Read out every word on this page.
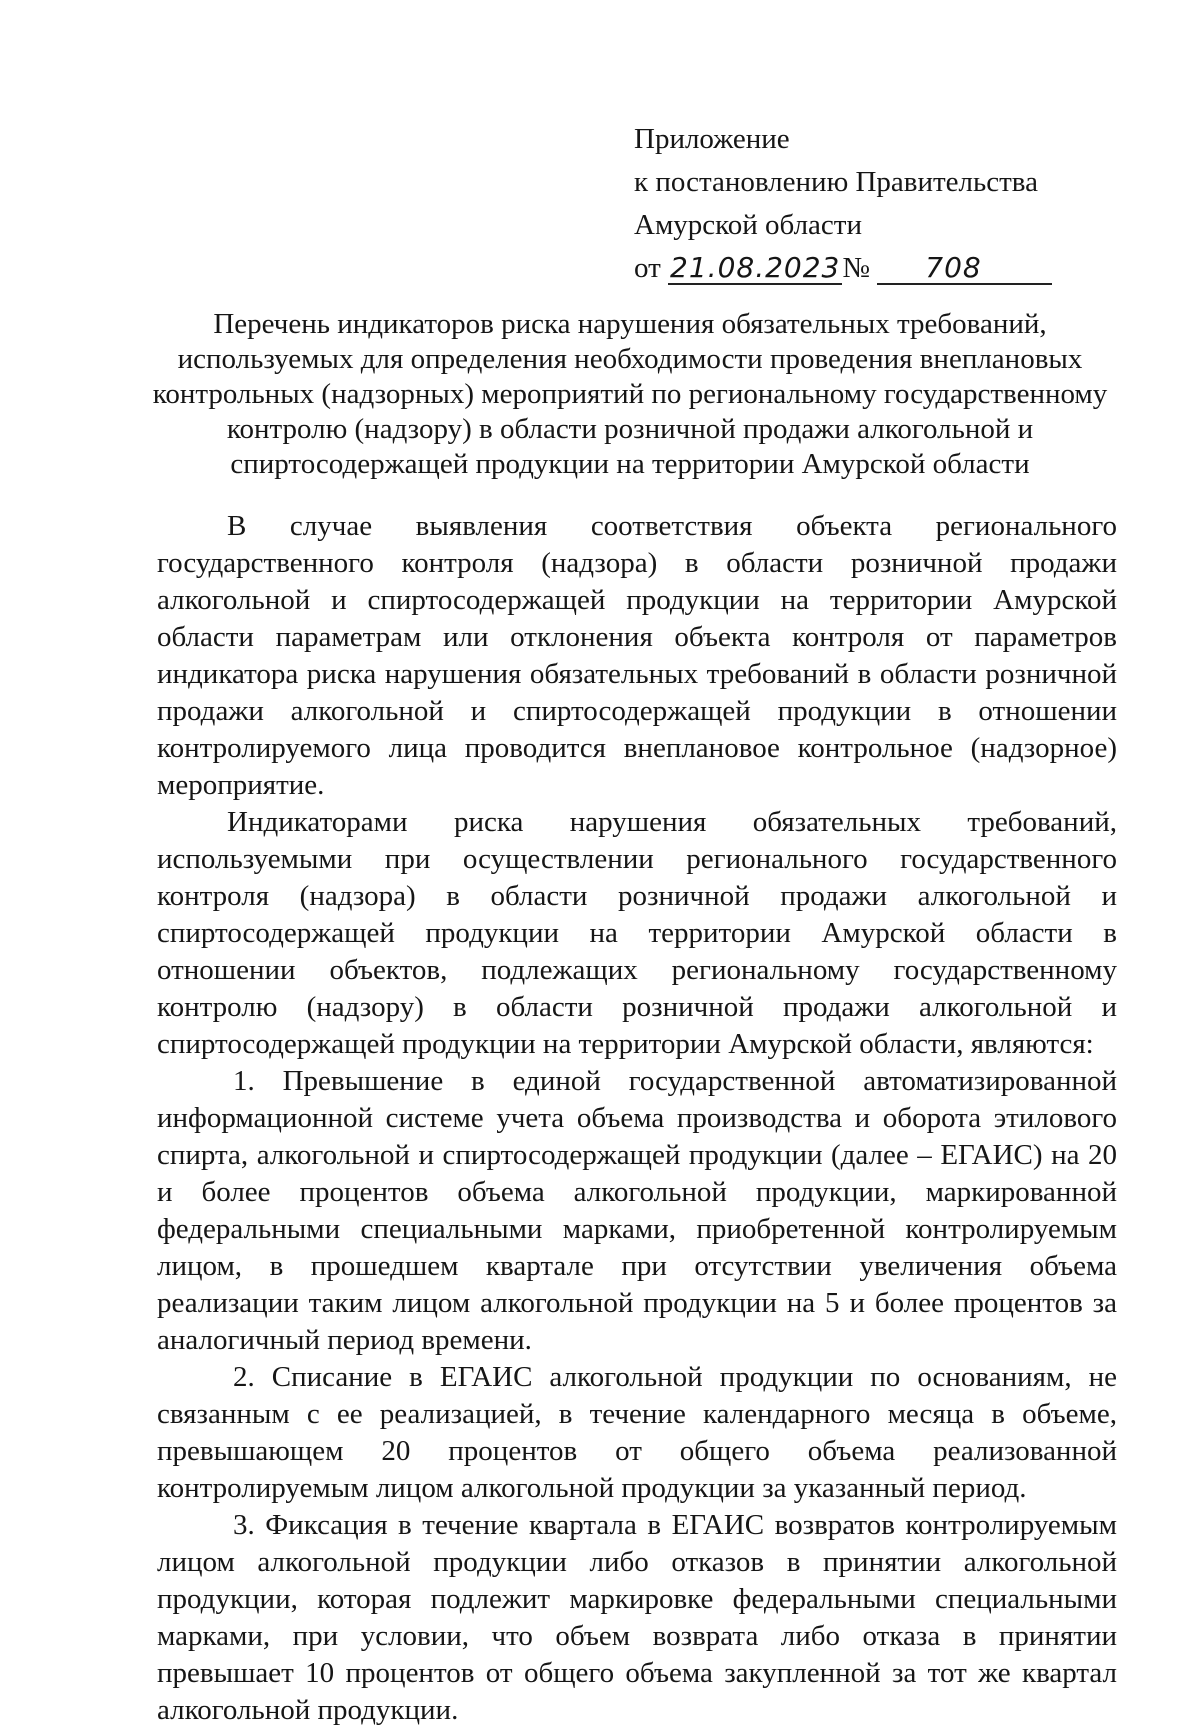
Приложение
к постановлению Правительства
Амурской области
от 21.08.2023№ 708
Перечень индикаторов риска нарушения обязательных требований,
используемых для определения необходимости проведения внеплановых
контрольных (надзорных) мероприятий по региональному государственному
контролю (надзору) в области розничной продажи алкогольной и
спиртосодержащей продукции на территории Амурской области

В случае выявления соответствия объекта регионального государственного контроля (надзора) в области розничной продажи алкогольной и спиртосодержащей продукции на территории Амурской области параметрам или отклонения объекта контроля от параметров индикатора риска нарушения обязательных требований в области розничной продажи алкогольной и спиртосодержащей продукции в отношении контролируемого лица проводится внеплановое контрольное (надзорное) мероприятие.

Индикаторами риска нарушения обязательных требований, используемыми при осуществлении регионального государственного контроля (надзора) в области розничной продажи алкогольной и спиртосодержащей продукции на территории Амурской области в отношении объектов, подлежащих региональному государственному контролю (надзору) в области розничной продажи алкогольной и спиртосодержащей продукции на территории Амурской области, являются:

1. Превышение в единой государственной автоматизированной информационной системе учета объема производства и оборота этилового спирта, алкогольной и спиртосодержащей продукции (далее – ЕГАИС) на 20 и более процентов объема алкогольной продукции, маркированной федеральными специальными марками, приобретенной контролируемым лицом, в прошедшем квартале при отсутствии увеличения объема реализации таким лицом алкогольной продукции на 5 и более процентов за аналогичный период времени.

2. Списание в ЕГАИС алкогольной продукции по основаниям, не связанным с ее реализацией, в течение календарного месяца в объеме, превышающем 20 процентов от общего объема реализованной контролируемым лицом алкогольной продукции за указанный период.

3. Фиксация в течение квартала в ЕГАИС возвратов контролируемым лицом алкогольной продукции либо отказов в принятии алкогольной продукции, которая подлежит маркировке федеральными специальными марками, при условии, что объем возврата либо отказа в принятии превышает 10 процентов от общего объема закупленной за тот же квартал алкогольной продукции.
